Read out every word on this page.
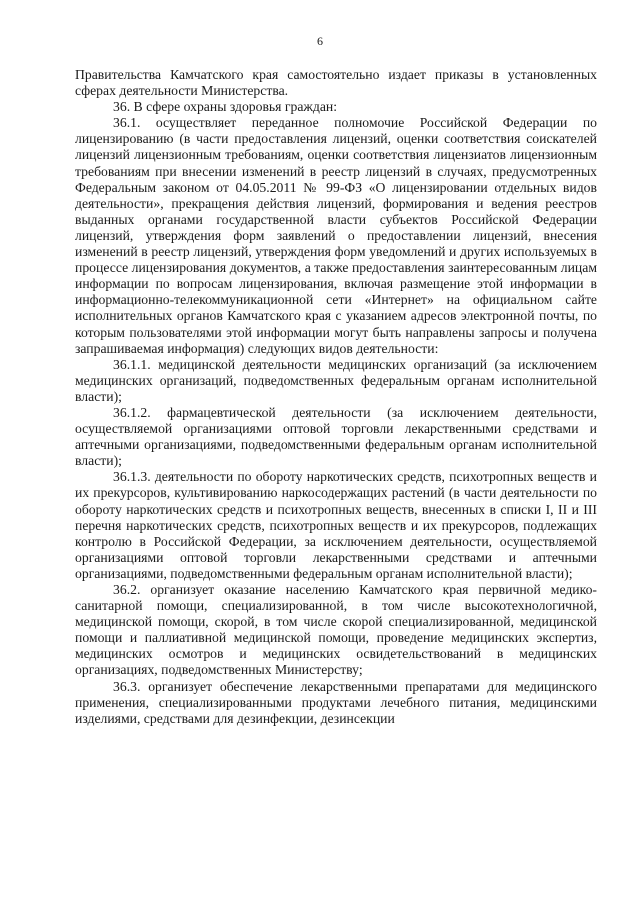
6

Правительства Камчатского края самостоятельно издает приказы в установленных сферах деятельности Министерства.

36. В сфере охраны здоровья граждан:

36.1. осуществляет переданное полномочие Российской Федерации по лицензированию (в части предоставления лицензий, оценки соответствия соискателей лицензий лицензионным требованиям, оценки соответствия лицензиатов лицензионным требованиям при внесении изменений в реестр лицензий в случаях, предусмотренных Федеральным законом от 04.05.2011 № 99-ФЗ «О лицензировании отдельных видов деятельности», прекращения действия лицензий, формирования и ведения реестров выданных органами государственной власти субъектов Российской Федерации лицензий, утверждения форм заявлений о предоставлении лицензий, внесения изменений в реестр лицензий, утверждения форм уведомлений и других используемых в процессе лицензирования документов, а также предоставления заинтересованным лицам информации по вопросам лицензирования, включая размещение этой информации в информационно-телекоммуникационной сети «Интернет» на официальном сайте исполнительных органов Камчатского края с указанием адресов электронной почты, по которым пользователями этой информации могут быть направлены запросы и получена запрашиваемая информация) следующих видов деятельности:

36.1.1. медицинской деятельности медицинских организаций (за исключением медицинских организаций, подведомственных федеральным органам исполнительной власти);

36.1.2. фармацевтической деятельности (за исключением деятельности, осуществляемой организациями оптовой торговли лекарственными средствами и аптечными организациями, подведомственными федеральным органам исполнительной власти);

36.1.3. деятельности по обороту наркотических средств, психотропных веществ и их прекурсоров, культивированию наркосодержащих растений (в части деятельности по обороту наркотических средств и психотропных веществ, внесенных в списки I, II и III перечня наркотических средств, психотропных веществ и их прекурсоров, подлежащих контролю в Российской Федерации, за исключением деятельности, осуществляемой организациями оптовой торговли лекарственными средствами и аптечными организациями, подведомственными федеральным органам исполнительной власти);

36.2. организует оказание населению Камчатского края первичной медико-санитарной помощи, специализированной, в том числе высокотехнологичной, медицинской помощи, скорой, в том числе скорой специализированной, медицинской помощи и паллиативной медицинской помощи, проведение медицинских экспертиз, медицинских осмотров и медицинских освидетельствований в медицинских организациях, подведомственных Министерству;

36.3. организует обеспечение лекарственными препаратами для медицинского применения, специализированными продуктами лечебного питания, медицинскими изделиями, средствами для дезинфекции, дезинсекции
